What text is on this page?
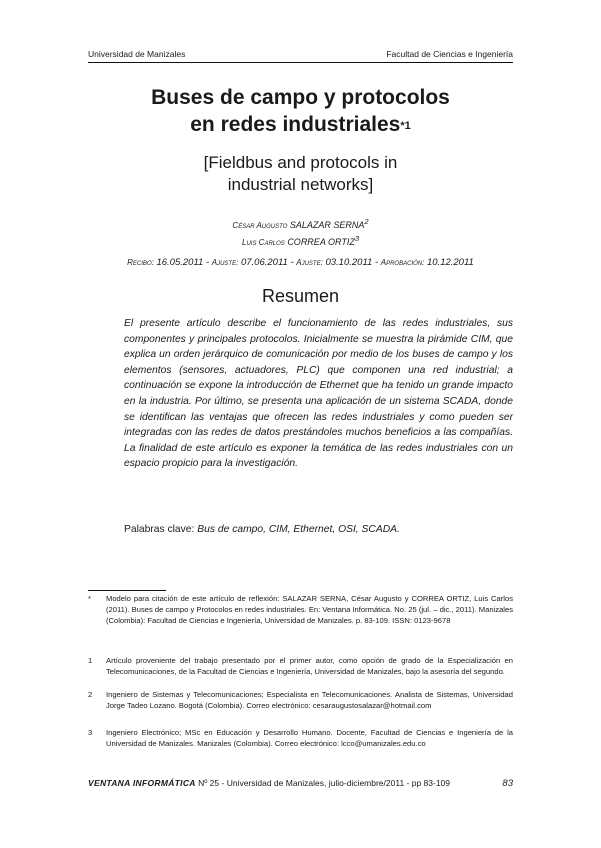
Universidad de Manizales	Facultad de Ciencias e Ingeniería
Buses de campo y protocolos
en redes industriales$^{*1}$
[Fieldbus and protocols in
industrial networks]
César Augusto SALAZAR SERNA$^2$
Luis Carlos CORREA ORTIZ$^3$
Recibo: 16.05.2011 - Ajuste: 07.06.2011 - Ajuste: 03.10.2011 - Aprobación: 10.12.2011
Resumen
El presente artículo describe el funcionamiento de las redes industriales, sus componentes y principales protocolos. Inicialmente se muestra la pirámide CIM, que explica un orden jerárquico de comunicación por medio de los buses de campo y los elementos (sensores, actuadores, PLC) que componen una red industrial; a continuación se expone la introducción de Ethernet que ha tenido un grande impacto en la industria. Por último, se presenta una aplicación de un sistema SCADA, donde se identifican las ventajas que ofrecen las redes industriales y como pueden ser integradas con las redes de datos prestándoles muchos beneficios a las compañías. La finalidad de este artículo es exponer la temática de las redes industriales con un espacio propicio para la investigación.
Palabras clave: Bus de campo, CIM, Ethernet, OSI, SCADA.
*	Modelo para citación de este artículo de reflexión: SALAZAR SERNA, César Augusto y CORREA ORTIZ, Luis Carlos (2011). Buses de campo y Protocolos en redes industriales. En: Ventana Informática. No. 25 (jul. – dic., 2011). Manizales (Colombia): Facultad de Ciencias e Ingeniería, Universidad de Manizales. p. 83-109. ISSN: 0123-9678
1	Artículo proveniente del trabajo presentado por el primer autor, como opción de grado de la Especialización en Telecomunicaciones, de la Facultad de Ciencias e Ingeniería, Universidad de Manizales, bajo la asesoría del segundo.
2	Ingeniero de Sistemas y Telecomunicaciones; Especialista en Telecomunicaciones. Analista de Sistemas, Universidad Jorge Tadeo Lozano. Bogotá (Colombia). Correo electrónico: cesaraugustosalazar@hotmail.com
3	Ingeniero Electrónico; MSc en Educación y Desarrollo Humano. Docente, Facultad de Ciencias e Ingeniería de la Universidad de Manizales. Manizales (Colombia). Correo electrónico: lcco@umanizales.edu.co
VENTANA INFORMÁTICA Nº 25 - Universidad de Manizales, julio-diciembre/2011 - pp 83-109	83
